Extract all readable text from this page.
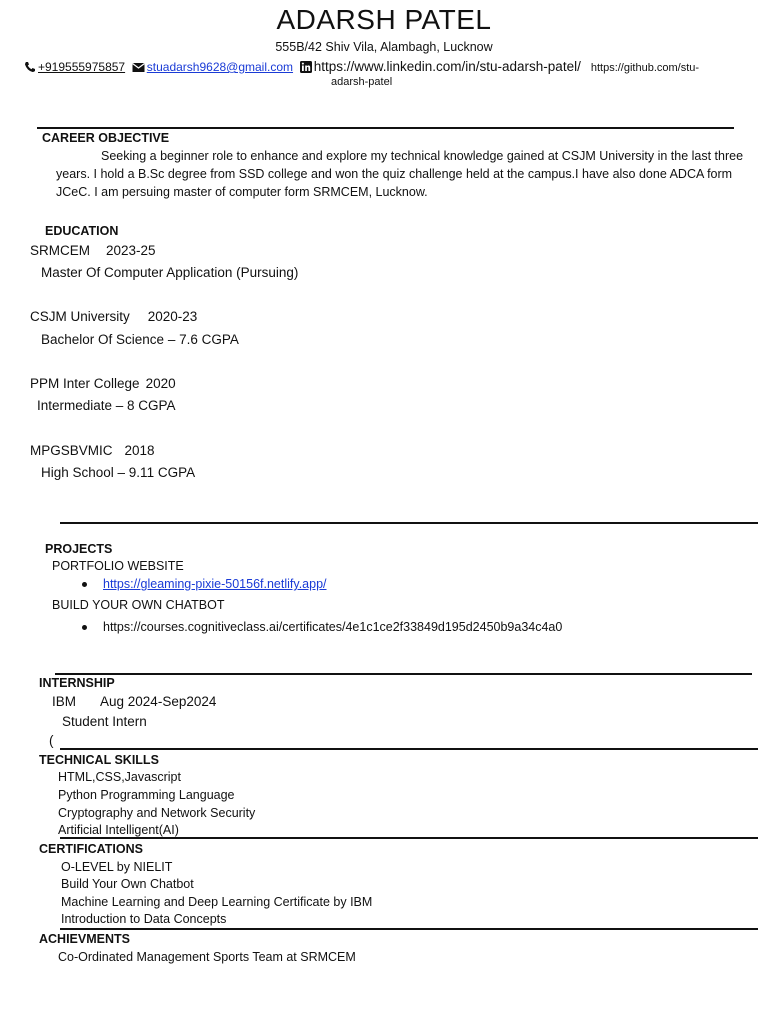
ADARSH PATEL
555B/42 Shiv Vila, Alambagh, Lucknow
+919555975857 stuadarsh9628@gmail.com https://www.linkedin.com/in/stu-adarsh-patel/ https://github.com/stu-
adarsh-patel
CAREER OBJECTIVE
Seeking a beginner role to enhance and explore my technical knowledge gained at CSJM University in the last three
years. I hold a B.Sc degree from SSD college and won the quiz challenge held at the campus.I have also done ADCA form
JCeC. I am persuing master of computer form SRMCEM, Lucknow.
EDUCATION
SRMCEM 2023-25
Master Of Computer Application (Pursuing)
CSJM University 2020-23
Bachelor Of Science – 7.6 CGPA
PPM Inter College 2020
Intermediate – 8 CGPA
MPGSBVMIC 2018
High School – 9.11 CGPA
PROJECTS
PORTFOLIO WEBSITE
https://gleaming-pixie-50156f.netlify.app/
BUILD YOUR OWN CHATBOT
https://courses.cognitiveclass.ai/certificates/4e1c1ce2f33849d195d2450b9a34c4a0
INTERNSHIP
IBM Aug 2024-Sep2024
Student Intern
(
TECHNICAL SKILLS
HTML,CSS,Javascript
Python Programming Language
Cryptography and Network Security
Artificial Intelligent(AI)
CERTIFICATIONS
O-LEVEL by NIELIT
Build Your Own Chatbot
Machine Learning and Deep Learning Certificate by IBM
Introduction to Data Concepts
ACHIEVMENTS
Co-Ordinated Management Sports Team at SRMCEM
